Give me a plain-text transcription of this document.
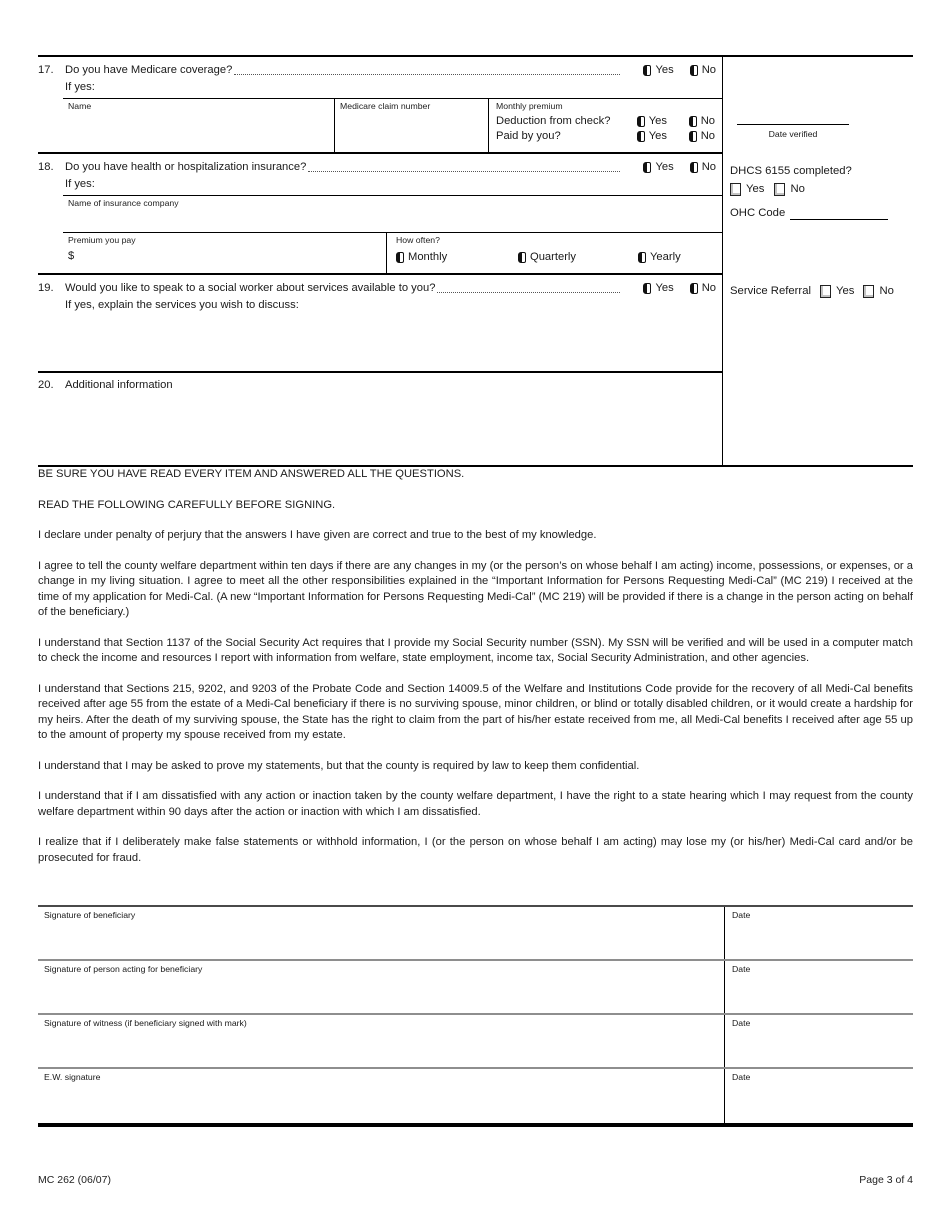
17.	Do you have Medicare coverage?	Yes	No
If yes:
Name	Medicare claim number	Monthly premium
Deduction from check?	Yes	No
Paid by you?	Yes	No
18.	Do you have health or hospitalization insurance?	Yes	No
If yes:
Name of insurance company
Premium you pay
$
How often?
Monthly	Quarterly	Yearly
19.	Would you like to speak to a social worker about services available to you?	Yes	No
If yes, explain the services you wish to discuss:
20.	Additional information
Date verified
DHCS 6155 completed?
Yes No
OHC Code
Service Referral Yes No

BE SURE YOU HAVE READ EVERY ITEM AND ANSWERED ALL THE QUESTIONS.

READ THE FOLLOWING CAREFULLY BEFORE SIGNING.

I declare under penalty of perjury that the answers I have given are correct and true to the best of my knowledge.

I agree to tell the county welfare department within ten days if there are any changes in my (or the person’s on whose behalf I am acting) income, possessions, or expenses, or a change in my living situation. I agree to meet all the other responsibilities explained in the “Important Information for Persons Requesting Medi-Cal” (MC 219) I received at the time of my application for Medi-Cal. (A new “Important Information for Persons Requesting Medi-Cal” (MC 219) will be provided if there is a change in the person acting on behalf of the beneficiary.)

I understand that Section 1137 of the Social Security Act requires that I provide my Social Security number (SSN). My SSN will be verified and will be used in a computer match to check the income and resources I report with information from welfare, state employment, income tax, Social Security Administration, and other agencies.

I understand that Sections 215, 9202, and 9203 of the Probate Code and Section 14009.5 of the Welfare and Institutions Code provide for the recovery of all Medi-Cal benefits received after age 55 from the estate of a Medi-Cal beneficiary if there is no surviving spouse, minor children, or blind or totally disabled children, or it would create a hardship for my heirs. After the death of my surviving spouse, the State has the right to claim from the part of his/her estate received from me, all Medi-Cal benefits I received after age 55 up to the amount of property my spouse received from my estate.

I understand that I may be asked to prove my statements, but that the county is required by law to keep them confidential.

I understand that if I am dissatisfied with any action or inaction taken by the county welfare department, I have the right to a state hearing which I may request from the county welfare department within 90 days after the action or inaction with which I am dissatisfied.

I realize that if I deliberately make false statements or withhold information, I (or the person on whose behalf I am acting) may lose my (or his/her) Medi-Cal card and/or be prosecuted for fraud.

Signature of beneficiary	Date
Signature of person acting for beneficiary	Date
Signature of witness (if beneficiary signed with mark)	Date
E.W. signature	Date
MC 262 (06/07)	Page 3 of 4
